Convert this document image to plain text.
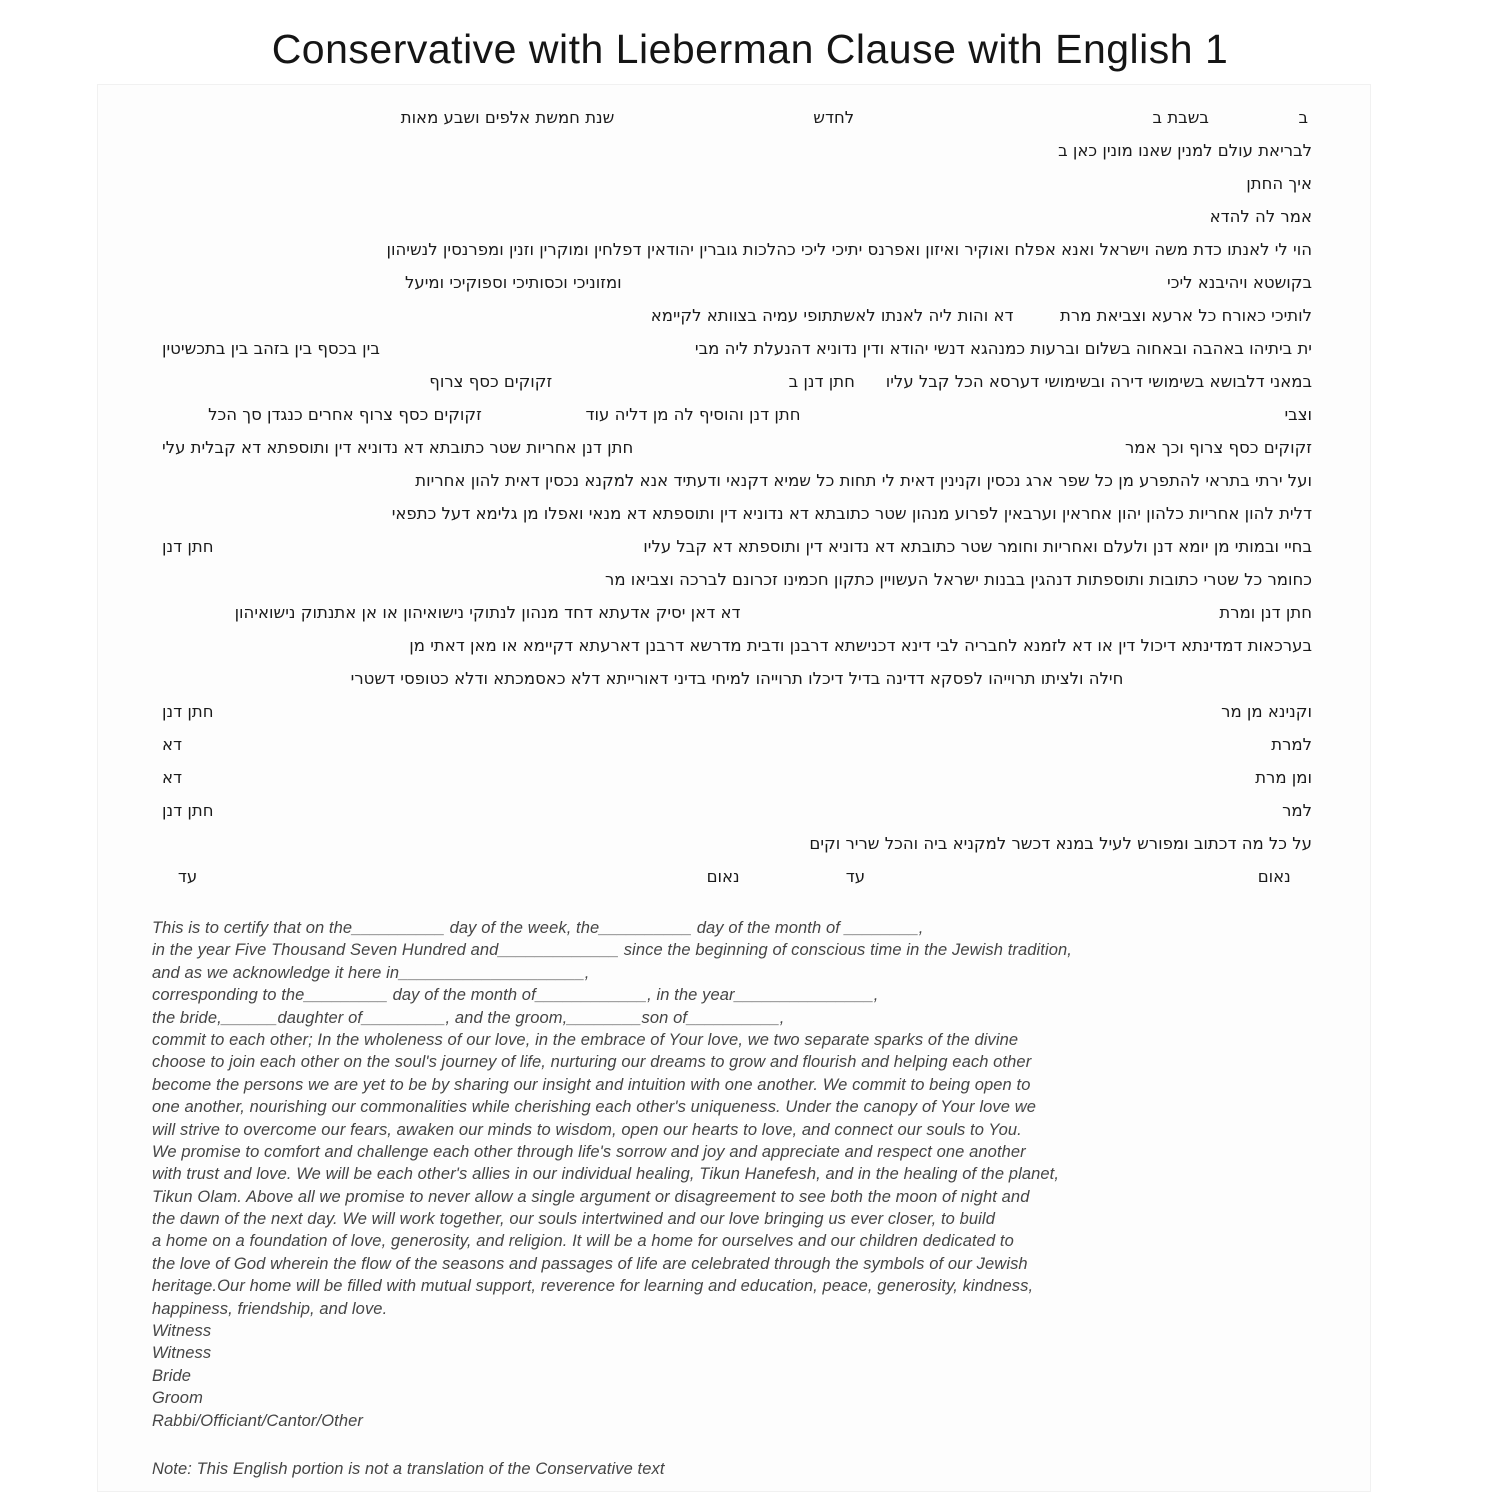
Conservative with Lieberman Clause with English 1
ב
בשבת ב
לחדש
שנת חמשת אלפים ושבע מאות
לבריאת עולם למנין שאנו מונין כאן ב
איך החתן
אמר לה להדא
הוי לי לאנתו כדת משה וישראל ואנא אפלח ואוקיר ואיזון ואפרנס יתיכי ליכי כהלכות גוברין יהודאין דפלחין ומוקרין וזנין ומפרנסין לנשיהון
בקושטא ויהיבנא ליכי
ומזוניכי וכסותיכי וספוקיכי ומיעל
לותיכי כאורח כל ארעא וצביאת מרת
דא והות ליה לאנתו לאשתתופי עמיה בצוותא לקיימא
ית ביתיהו באהבה ובאחוה בשלום וברעות כמנהגא דנשי יהודא ודין נדוניא דהנעלת ליה מבי
בין בכסף בין בזהב בין בתכשיטין
במאני דלבושא בשימושי דירה ובשימושי דערסא הכל קבל עליו
חתן דנן ב
זקוקים כסף צרוף
וצבי
חתן דנן והוסיף לה מן דליה עוד
זקוקים כסף צרוף אחרים כנגדן סך הכל
זקוקים כסף צרוף וכך אמר
חתן דנן אחריות שטר כתובתא דא נדוניא דין ותוספתא דא קבלית עלי
ועל ירתי בתראי להתפרע מן כל שפר ארג נכסין וקנינין דאית לי תחות כל שמיא דקנאי ודעתיד אנא למקנא נכסין דאית להון אחריות
דלית להון אחריות כלהון יהון אחראין וערבאין לפרוע מנהון שטר כתובתא דא נדוניא דין ותוספתא דא מנאי ואפלו מן גלימא דעל כתפאי
בחיי ובמותי מן יומא דנן ולעלם ואחריות וחומר שטר כתובתא דא נדוניא דין ותוספתא דא קבל עליו
חתן דנן
כחומר כל שטרי כתובות ותוספתות דנהגין בבנות ישראל העשויין כתקון חכמינו זכרונם לברכה וצביאו מר
חתן דנן ומרת
דא דאן יסיק אדעתא דחד מנהון לנתוקי נישואיהון או אן אתנתוק נישואיהון
בערכאות דמדינתא דיכול דין או דא לזמנא לחבריה לבי דינא דכנישתא דרבנן ודבית מדרשא דרבנן דארעתא דקיימא או מאן דאתי מן
חילה ולציתו תרוייהו לפסקא דדינה בדיל דיכלו תרוייהו למיחי בדיני דאורייתא דלא כאסמכתא ודלא כטופסי דשטרי
וקנינא מן מר
חתן דנן
למרת
דא
ומן מרת
דא
למר
חתן דנן
על כל מה דכתוב ומפורש לעיל במנא דכשר למקניא ביה והכל שריר וקים
נאום
עד
נאום
עד
This is to certify that on the__________ day of the week, the__________ day of the month of ________,
in the year Five Thousand Seven Hundred and_____________ since the beginning of conscious time in the Jewish tradition,
and as we acknowledge it here in____________________,
corresponding to the_________ day of the month of____________, in the year_______________,
the bride,______daughter of_________, and the groom,________son of__________,
commit to each other; In the wholeness of our love, in the embrace of Your love, we two separate sparks of the divine
choose to join each other on the soul's journey of life, nurturing our dreams to grow and flourish and helping each other
become the persons we are yet to be by sharing our insight and intuition with one another. We commit to being open to
one another, nourishing our commonalities while cherishing each other's uniqueness. Under the canopy of Your love we
will strive to overcome our fears, awaken our minds to wisdom, open our hearts to love, and connect our souls to You.
We promise to comfort and challenge each other through life's sorrow and joy and appreciate and respect one another
with trust and love. We will be each other's allies in our individual healing, Tikun Hanefesh, and in the healing of the planet,
Tikun Olam. Above all we promise to never allow a single argument or disagreement to see both the moon of night and
the dawn of the next day. We will work together, our souls intertwined and our love bringing us ever closer, to build
a home on a foundation of love, generosity, and religion. It will be a home for ourselves and our children dedicated to
the love of God wherein the flow of the seasons and passages of life are celebrated through the symbols of our Jewish
heritage.Our home will be filled with mutual support, reverence for learning and education, peace, generosity, kindness,
happiness, friendship, and love.
Witness
Witness
Bride
Groom
Rabbi/Officiant/Cantor/Other
Note: This English portion is not a translation of the Conservative text
